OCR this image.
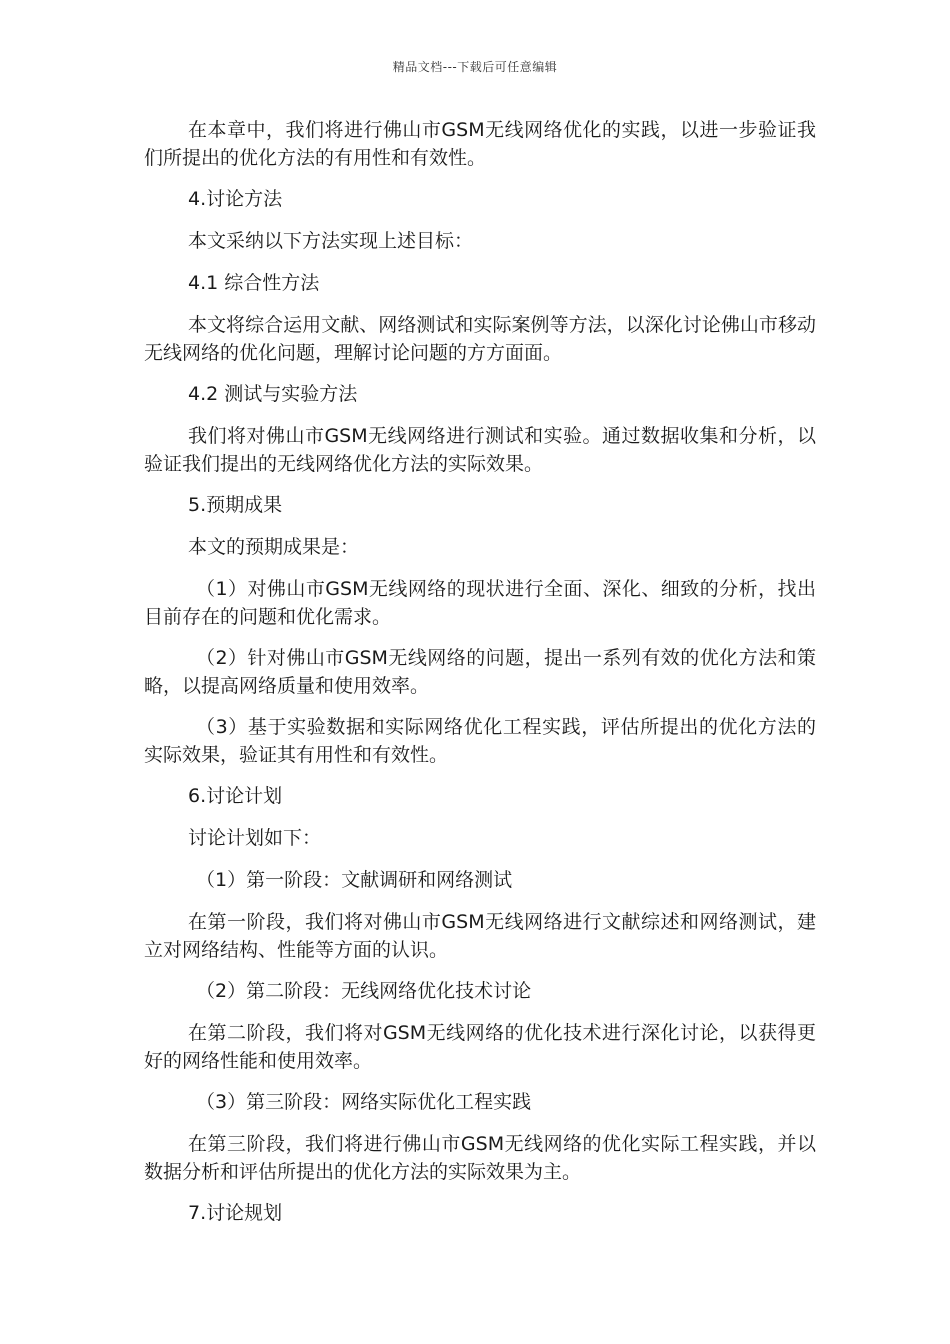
精品文档---下载后可任意编辑

在本章中，我们将进行佛山市GSM无线网络优化的实践，以进一步验证我们所提出的优化方法的有用性和有效性。

4.讨论方法

本文采纳以下方法实现上述目标：

4.1 综合性方法

本文将综合运用文献、网络测试和实际案例等方法，以深化讨论佛山市移动无线网络的优化问题，理解讨论问题的方方面面。

4.2 测试与实验方法

我们将对佛山市GSM无线网络进行测试和实验。通过数据收集和分析，以验证我们提出的无线网络优化方法的实际效果。

5.预期成果

本文的预期成果是：

（1）对佛山市GSM无线网络的现状进行全面、深化、细致的分析，找出目前存在的问题和优化需求。

（2）针对佛山市GSM无线网络的问题，提出一系列有效的优化方法和策略，以提高网络质量和使用效率。

（3）基于实验数据和实际网络优化工程实践，评估所提出的优化方法的实际效果，验证其有用性和有效性。

6.讨论计划

讨论计划如下：

（1）第一阶段：文献调研和网络测试

在第一阶段，我们将对佛山市GSM无线网络进行文献综述和网络测试，建立对网络结构、性能等方面的认识。

（2）第二阶段：无线网络优化技术讨论

在第二阶段，我们将对GSM无线网络的优化技术进行深化讨论，以获得更好的网络性能和使用效率。

（3）第三阶段：网络实际优化工程实践

在第三阶段，我们将进行佛山市GSM无线网络的优化实际工程实践，并以数据分析和评估所提出的优化方法的实际效果为主。

7.讨论规划
